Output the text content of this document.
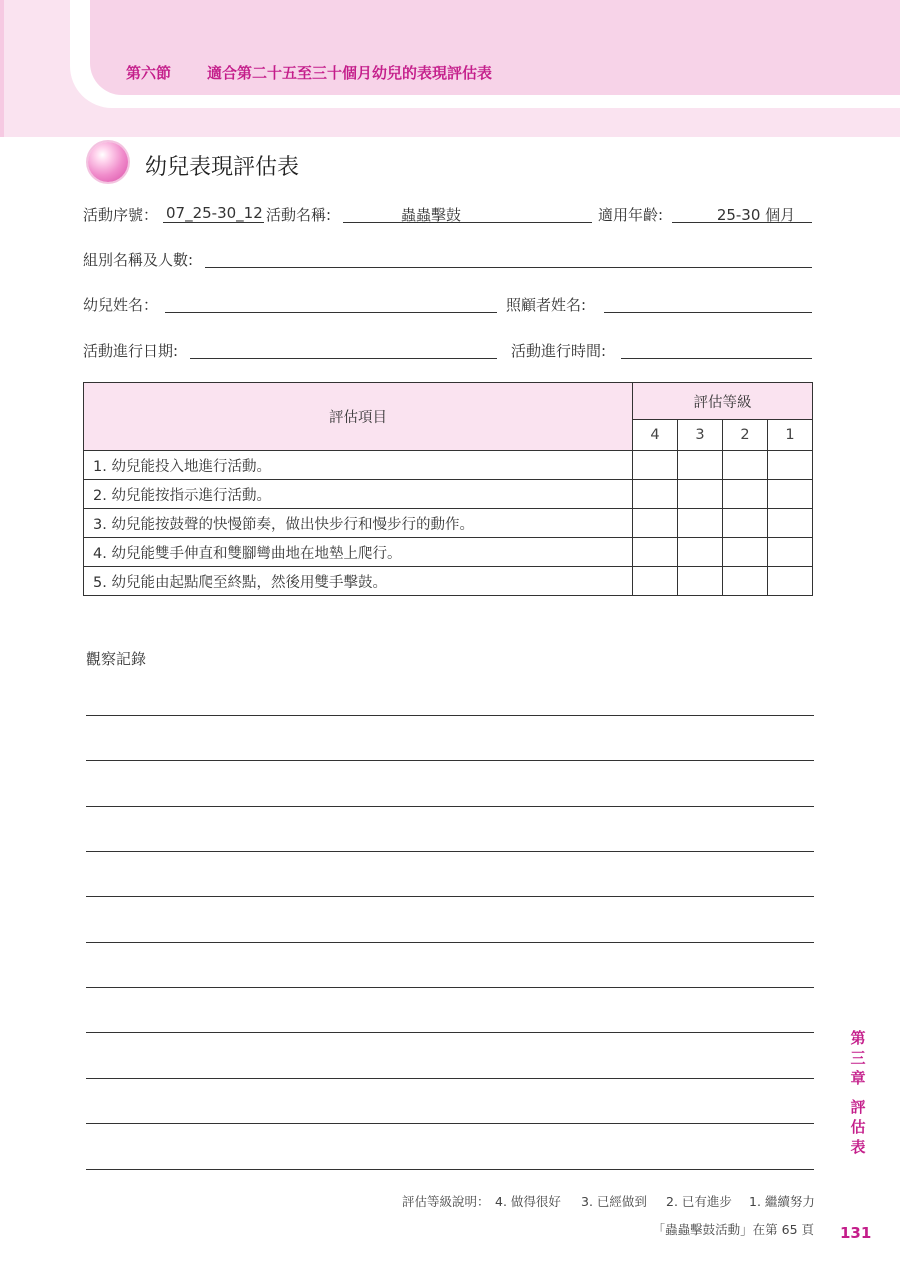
第六節 適合第二十五至三十個月幼兒的表現評估表
幼兒表現評估表
活動序號： 07_25-30_12 活動名稱:	蟲蟲擊鼓	適用年齡:	25-30 個月
組別名稱及人數:
幼兒姓名：	照顧者姓名:
活動進行日期:	活動進行時間:
評估項目	評估等級			
	4	3	2	1
1. 幼兒能投入地進行活動。				
2. 幼兒能按指示進行活動。				
3. 幼兒能按鼓聲的快慢節奏，做出快步行和慢步行的動作。				
4. 幼兒能雙手伸直和雙腳彎曲地在地墊上爬行。				
5. 幼兒能由起點爬至終點，然後用雙手擊鼓。				
觀察記錄
第
三
章
評
估
表
評估等級說明： 4. 做得很好 3. 已經做到 2. 已有進步 1. 繼續努力
「蟲蟲擊鼓活動」在第 65 頁 131
